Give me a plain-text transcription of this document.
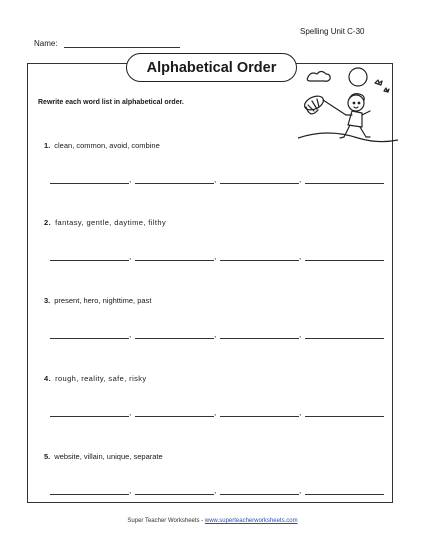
Spelling Unit C-30
Name:
Alphabetical Order
Rewrite each word list in alphabetical order.
1. clean, common, avoid, combine
,	,	,
2. fantasy, gentle, daytime, filthy
,	,	,
3. present, hero, nighttime, past
,	,	,
4. rough, reality, safe, risky
,	,	,
5. website, villain, unique, separate
,	,	,
Super Teacher Worksheets - www.superteacherworksheets.com
